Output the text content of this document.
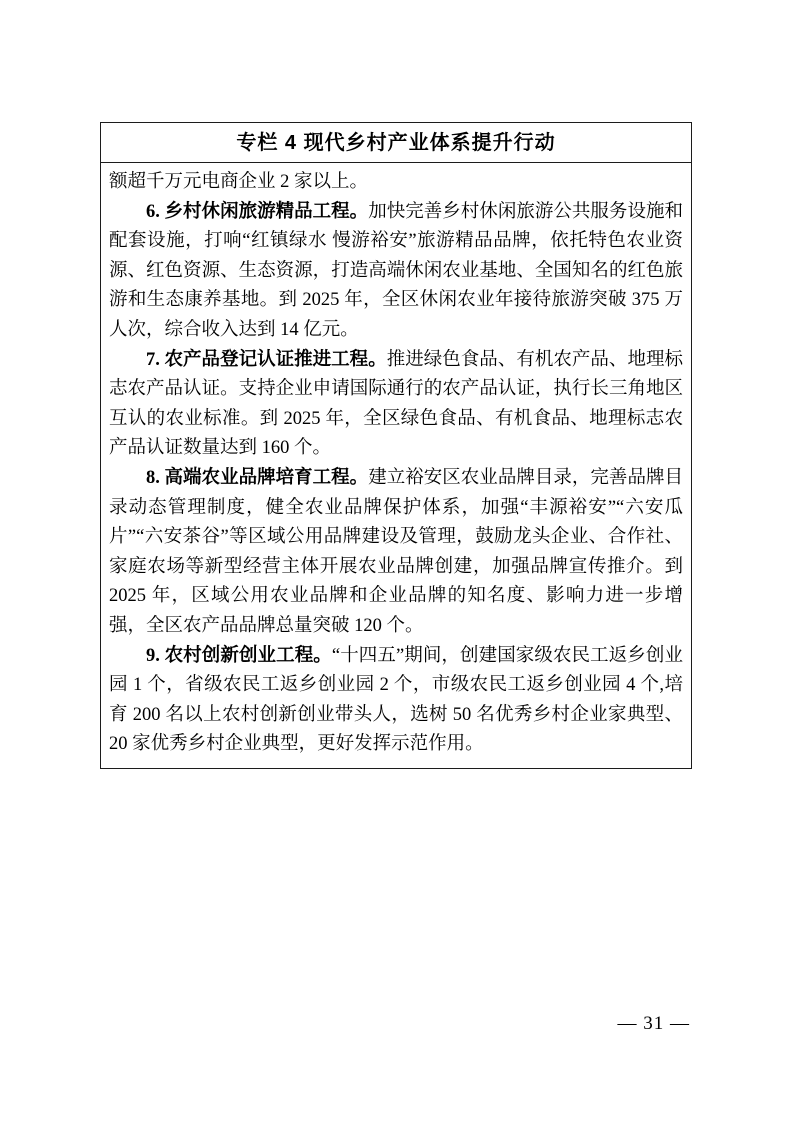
专栏 4 现代乡村产业体系提升行动

额超千万元电商企业 2 家以上。

6. 乡村休闲旅游精品工程。加快完善乡村休闲旅游公共服务设施和配套设施，打响“红镇绿水 慢游裕安”旅游精品品牌，依托特色农业资源、红色资源、生态资源，打造高端休闲农业基地、全国知名的红色旅游和生态康养基地。到 2025 年，全区休闲农业年接待旅游突破 375 万人次，综合收入达到 14 亿元。

7. 农产品登记认证推进工程。推进绿色食品、有机农产品、地理标志农产品认证。支持企业申请国际通行的农产品认证，执行长三角地区互认的农业标准。到 2025 年，全区绿色食品、有机食品、地理标志农产品认证数量达到 160 个。

8. 高端农业品牌培育工程。建立裕安区农业品牌目录，完善品牌目录动态管理制度，健全农业品牌保护体系，加强“丰源裕安”“六安瓜片”“六安茶谷”等区域公用品牌建设及管理，鼓励龙头企业、合作社、家庭农场等新型经营主体开展农业品牌创建，加强品牌宣传推介。到 2025 年，区域公用农业品牌和企业品牌的知名度、影响力进一步增强，全区农产品品牌总量突破 120 个。

9. 农村创新创业工程。“十四五”期间，创建国家级农民工返乡创业园 1 个，省级农民工返乡创业园 2 个，市级农民工返乡创业园 4 个,培育 200 名以上农村创新创业带头人，选树 50 名优秀乡村企业家典型、20 家优秀乡村企业典型，更好发挥示范作用。

— 31 —
